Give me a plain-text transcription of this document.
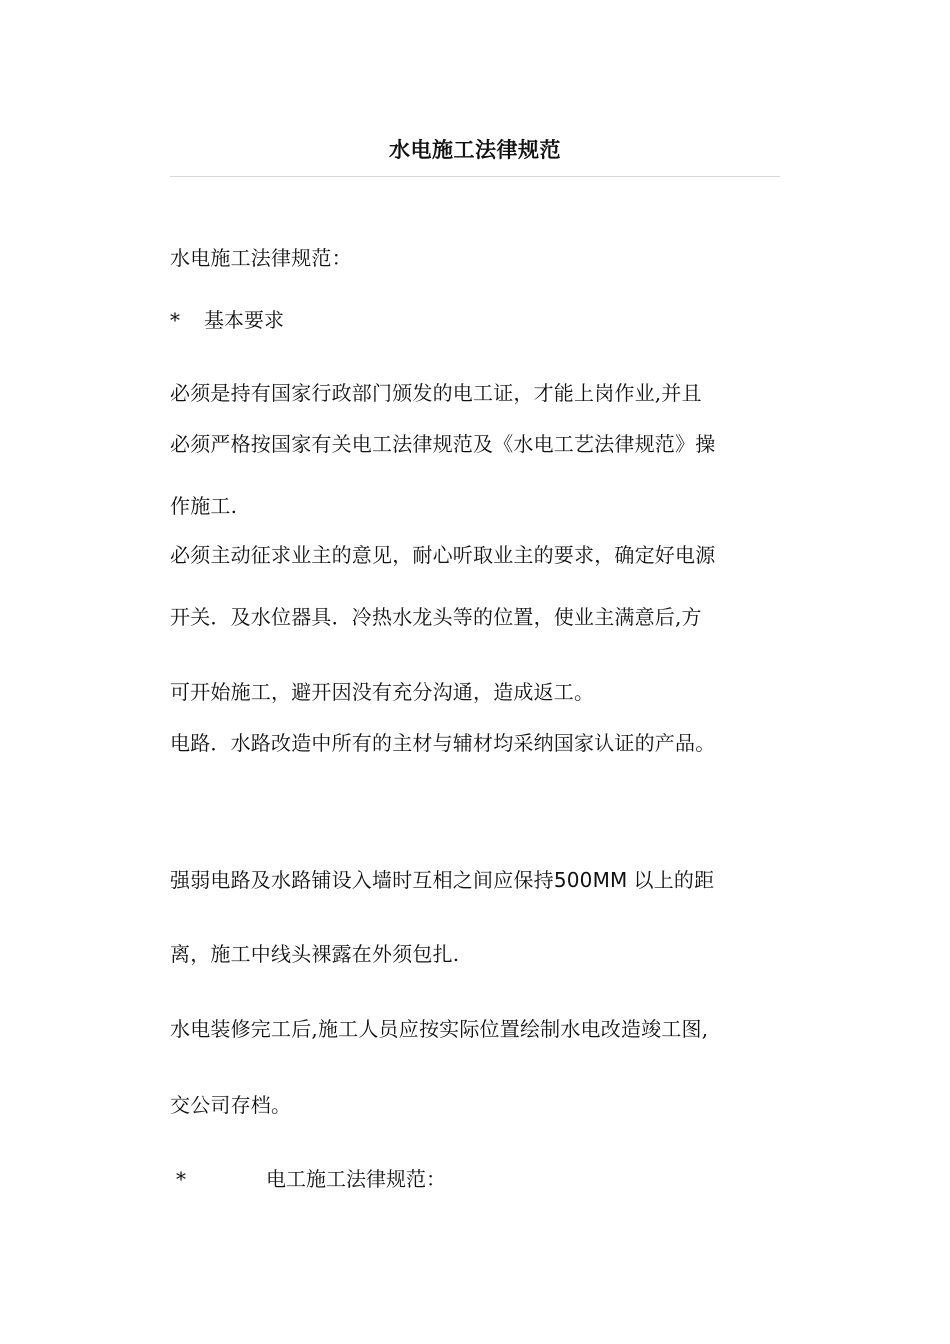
水电施工法律规范
水电施工法律规范：
* 基本要求
必须是持有国家行政部门颁发的电工证，才能上岗作业,并且
必须严格按国家有关电工法律规范及《水电工艺法律规范》操
作施工.
必须主动征求业主的意见，耐心听取业主的要求，确定好电源
开关．及水位器具．冷热水龙头等的位置，使业主满意后,方
可开始施工，避开因没有充分沟通，造成返工。
电路．水路改造中所有的主材与辅材均采纳国家认证的产品。
强弱电路及水路铺设入墙时互相之间应保持500MM 以上的距
离，施工中线头裸露在外须包扎.
水电装修完工后,施工人员应按实际位置绘制水电改造竣工图,
交公司存档。
*	电工施工法律规范：
